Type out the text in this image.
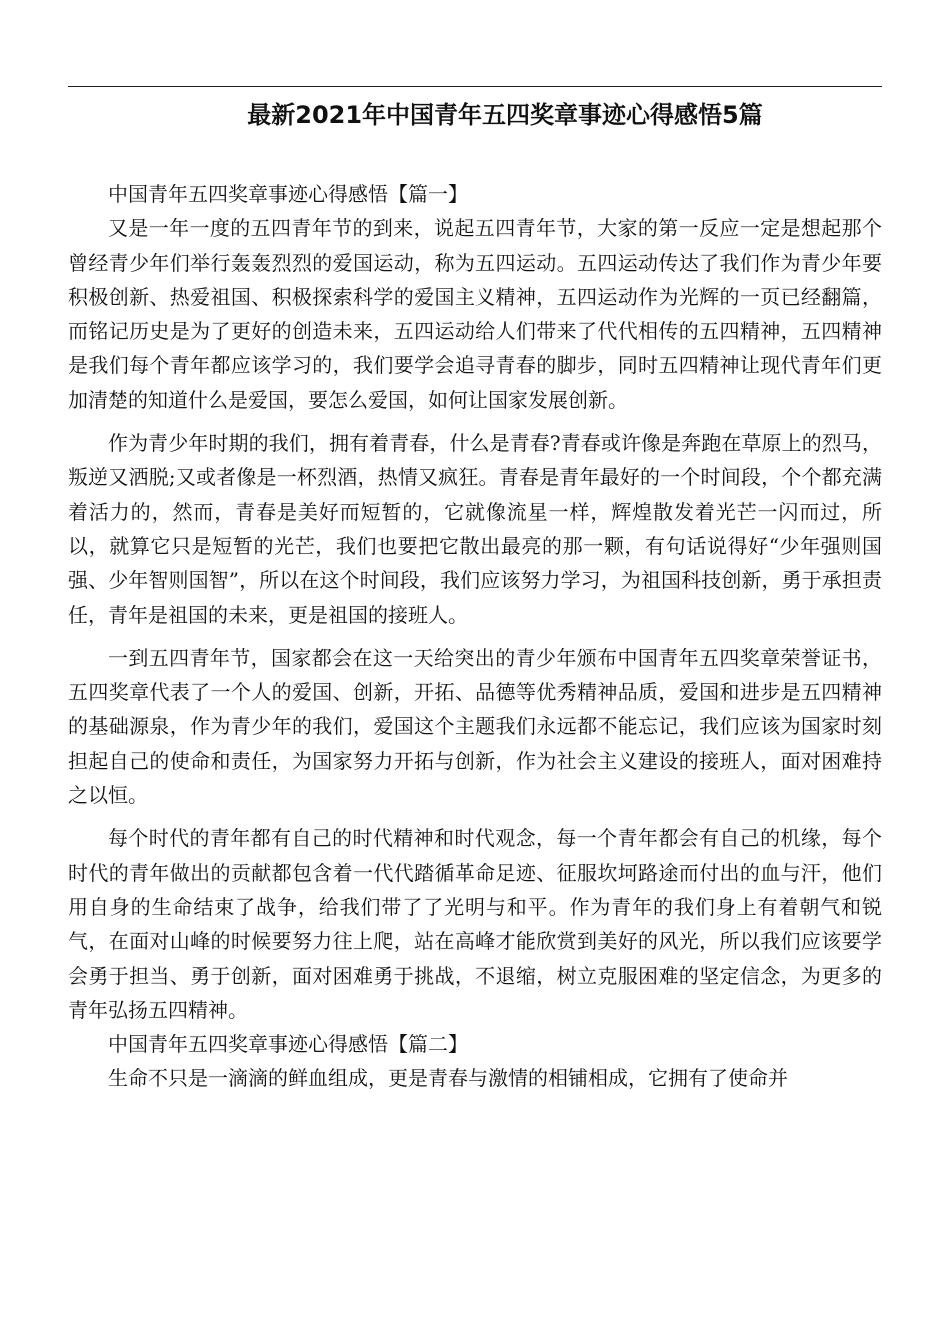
最新2021年中国青年五四奖章事迹心得感悟5篇

中国青年五四奖章事迹心得感悟【篇一】

又是一年一度的五四青年节的到来，说起五四青年节，大家的第一反应一定是想起那个曾经青少年们举行轰轰烈烈的爱国运动，称为五四运动。五四运动传达了我们作为青少年要积极创新、热爱祖国、积极探索科学的爱国主义精神，五四运动作为光辉的一页已经翻篇，而铭记历史是为了更好的创造未来，五四运动给人们带来了代代相传的五四精神，五四精神是我们每个青年都应该学习的，我们要学会追寻青春的脚步，同时五四精神让现代青年们更加清楚的知道什么是爱国，要怎么爱国，如何让国家发展创新。

作为青少年时期的我们，拥有着青春，什么是青春?青春或许像是奔跑在草原上的烈马，叛逆又洒脱;又或者像是一杯烈酒，热情又疯狂。青春是青年最好的一个时间段，个个都充满着活力的，然而，青春是美好而短暂的，它就像流星一样，辉煌散发着光芒一闪而过，所以，就算它只是短暂的光芒，我们也要把它散出最亮的那一颗，有句话说得好“少年强则国强、少年智则国智”，所以在这个时间段，我们应该努力学习，为祖国科技创新，勇于承担责任，青年是祖国的未来，更是祖国的接班人。

一到五四青年节，国家都会在这一天给突出的青少年颁布中国青年五四奖章荣誉证书，五四奖章代表了一个人的爱国、创新，开拓、品德等优秀精神品质，爱国和进步是五四精神的基础源泉，作为青少年的我们，爱国这个主题我们永远都不能忘记，我们应该为国家时刻担起自己的使命和责任，为国家努力开拓与创新，作为社会主义建设的接班人，面对困难持之以恒。

每个时代的青年都有自己的时代精神和时代观念，每一个青年都会有自己的机缘，每个时代的青年做出的贡献都包含着一代代踏循革命足迹、征服坎坷路途而付出的血与汗，他们用自身的生命结束了战争，给我们带了了光明与和平。作为青年的我们身上有着朝气和锐气，在面对山峰的时候要努力往上爬，站在高峰才能欣赏到美好的风光，所以我们应该要学会勇于担当、勇于创新，面对困难勇于挑战，不退缩，树立克服困难的坚定信念，为更多的青年弘扬五四精神。

中国青年五四奖章事迹心得感悟【篇二】

生命不只是一滴滴的鲜血组成，更是青春与激情的相铺相成，它拥有了使命并
